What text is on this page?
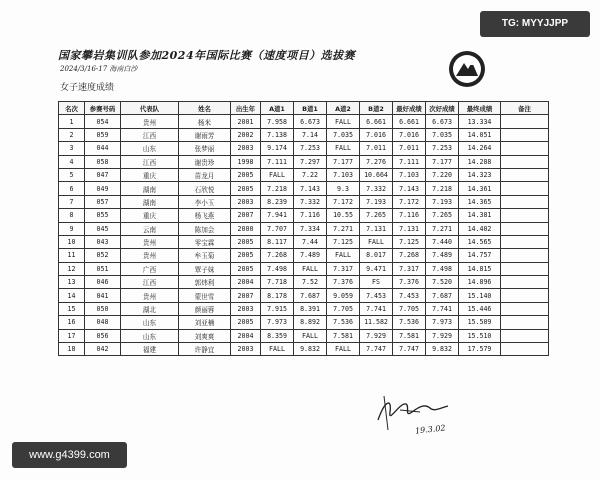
国家攀岩集训队参加2024年国际比赛（速度项目）选拔赛
2024/3/16-17 海南白沙
女子速度成绩
名次	参赛号码	代表队	姓名	出生年	A道1	B道1	A道2	B道2	最好成绩	次好成绩	最终成绩	备注
1	054	贵州	杨米	2001	7.958	6.673	FALL	6.661	6.661	6.673	13.334	
2	059	江西	谢雨芳	2002	7.138	7.14	7.035	7.016	7.016	7.035	14.051	
3	044	山东	张梦丽	2003	9.174	7.253	FALL	7.011	7.011	7.253	14.264	
4	058	江西	谢贵珍	1998	7.111	7.297	7.177	7.276	7.111	7.177	14.288	
5	047	重庆	苗龙月	2005	FALL	7.22	7.103	10.664	7.103	7.220	14.323	
6	049	湖南	石欣悦	2005	7.218	7.143	9.3	7.332	7.143	7.218	14.361	
7	057	湖南	李小玉	2003	8.239	7.332	7.172	7.193	7.172	7.193	14.365	
8	055	重庆	杨飞燕	2007	7.941	7.116	10.55	7.265	7.116	7.265	14.381	
9	045	云南	陈加会	2000	7.707	7.334	7.271	7.131	7.131	7.271	14.402	
10	043	贵州	零宝霖	2005	8.117	7.44	7.125	FALL	7.125	7.440	14.565	
11	052	贵州	牟玉菊	2005	7.268	7.489	FALL	8.017	7.268	7.489	14.757	
12	051	广西	覃子妹	2005	7.498	FALL	7.317	9.471	7.317	7.498	14.815	
13	046	江西	郭炜利	2004	7.718	7.52	7.376	FS	7.376	7.520	14.896	
14	041	贵州	蒙世雪	2007	8.178	7.687	9.059	7.453	7.453	7.687	15.140	
15	050	湖北	颜丽蓉	2003	7.915	8.391	7.705	7.741	7.705	7.741	15.446	
16	048	山东	刘亚楠	2005	7.973	8.892	7.536	11.582	7.536	7.973	15.509	
17	056	山东	刘爽爽	2004	8.359	FALL	7.581	7.929	7.581	7.929	15.510	
18	042	福建	许静宜	2003	FALL	9.832	FALL	7.747	7.747	9.832	17.579	
19.3.02
TG: MYYJJPP
www.g4399.com
